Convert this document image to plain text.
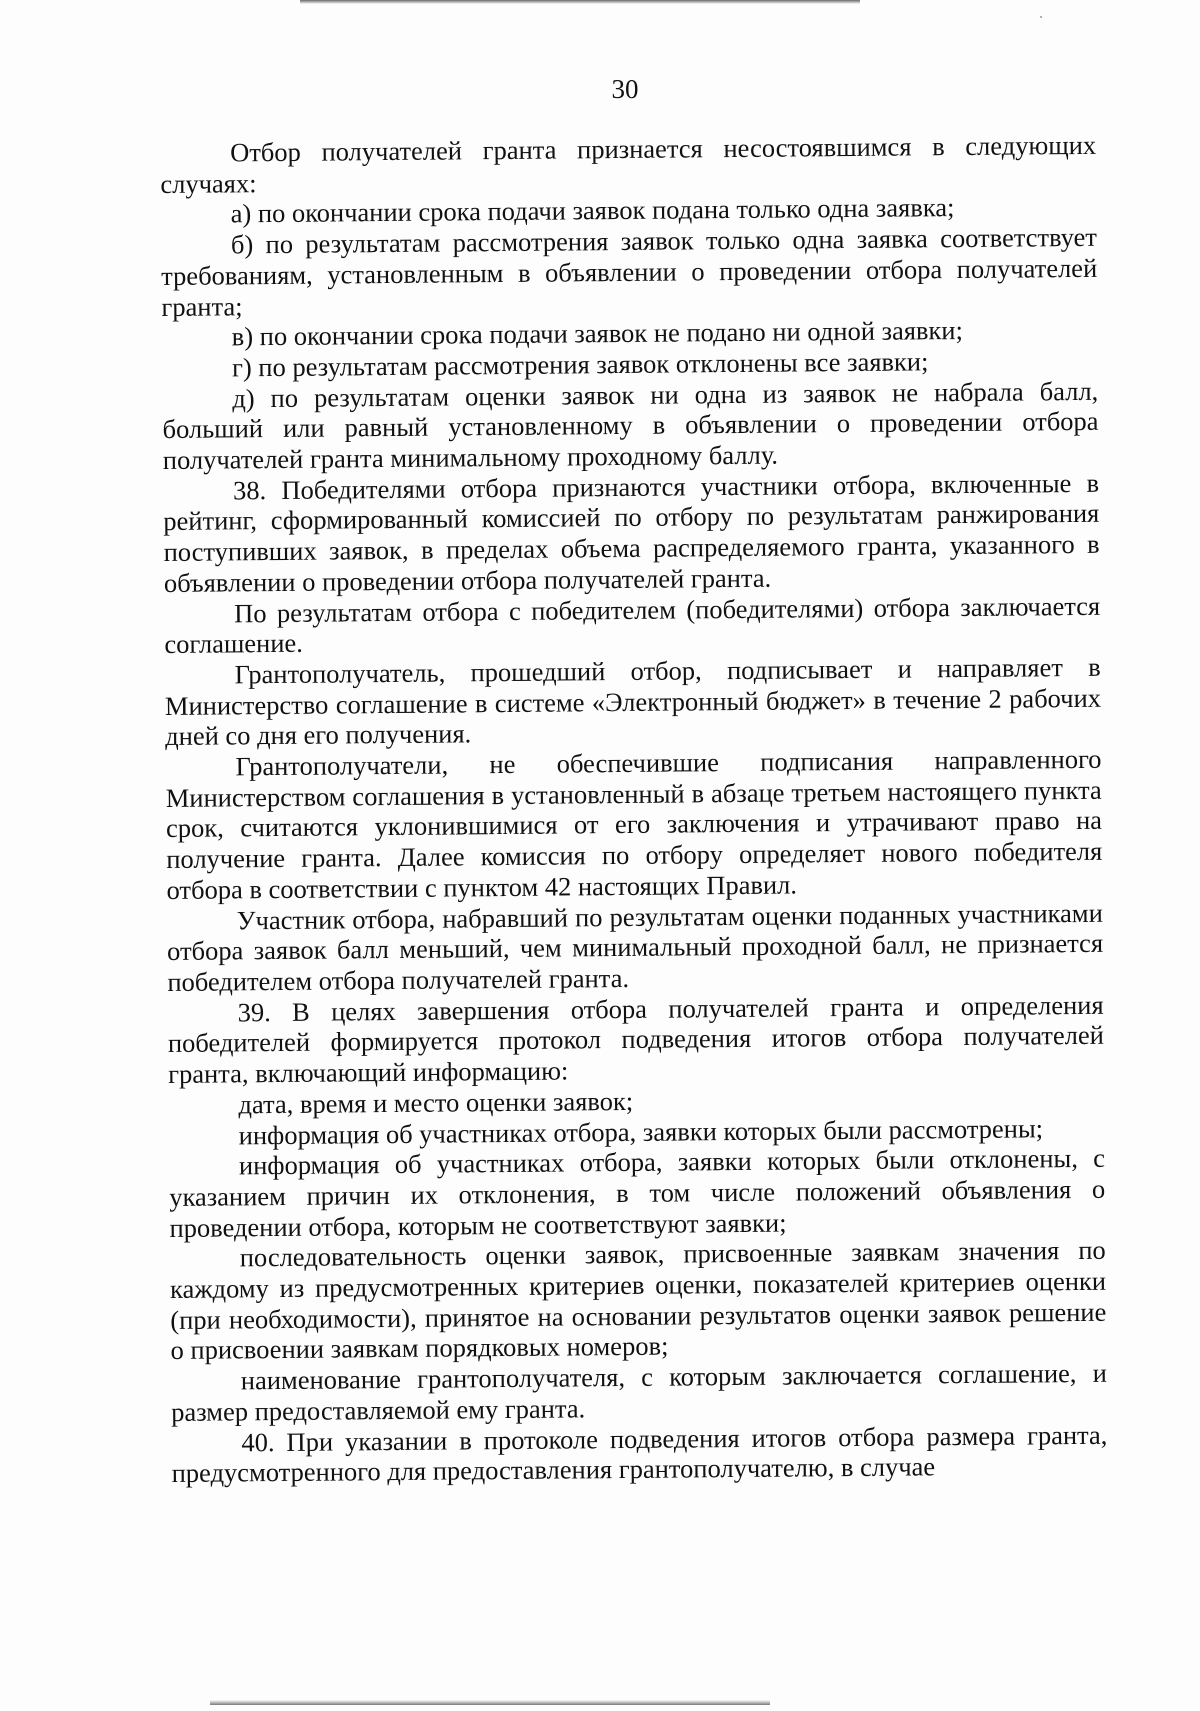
30

Отбор получателей гранта признается несостоявшимся в следующих случаях:

а) по окончании срока подачи заявок подана только одна заявка;

б) по результатам рассмотрения заявок только одна заявка соответствует требованиям, установленным в объявлении о проведении отбора получателей гранта;

в) по окончании срока подачи заявок не подано ни одной заявки;

г) по результатам рассмотрения заявок отклонены все заявки;

д) по результатам оценки заявок ни одна из заявок не набрала балл, больший или равный установленному в объявлении о проведении отбора получателей гранта минимальному проходному баллу.

38. Победителями отбора признаются участники отбора, включенные в рейтинг, сформированный комиссией по отбору по результатам ранжирования поступивших заявок, в пределах объема распределяемого гранта, указанного в объявлении о проведении отбора получателей гранта.

По результатам отбора с победителем (победителями) отбора заключается соглашение.

Грантополучатель, прошедший отбор, подписывает и направляет в Министерство соглашение в системе «Электронный бюджет» в течение 2 рабочих дней со дня его получения.

Грантополучатели, не обеспечившие подписания направленного Министерством соглашения в установленный в абзаце третьем настоящего пункта срок, считаются уклонившимися от его заключения и утрачивают право на получение гранта. Далее комиссия по отбору определяет нового победителя отбора в соответствии с пунктом 42 настоящих Правил.

Участник отбора, набравший по результатам оценки поданных участниками отбора заявок балл меньший, чем минимальный проходной балл, не признается победителем отбора получателей гранта.

39. В целях завершения отбора получателей гранта и определения победителей формируется протокол подведения итогов отбора получателей гранта, включающий информацию:

дата, время и место оценки заявок;

информация об участниках отбора, заявки которых были рассмотрены;

информация об участниках отбора, заявки которых были отклонены, с указанием причин их отклонения, в том числе положений объявления о проведении отбора, которым не соответствуют заявки;

последовательность оценки заявок, присвоенные заявкам значения по каждому из предусмотренных критериев оценки, показателей критериев оценки (при необходимости), принятое на основании результатов оценки заявок решение о присвоении заявкам порядковых номеров;

наименование грантополучателя, с которым заключается соглашение, и размер предоставляемой ему гранта.

40. При указании в протоколе подведения итогов отбора размера гранта, предусмотренного для предоставления грантополучателю, в случае
